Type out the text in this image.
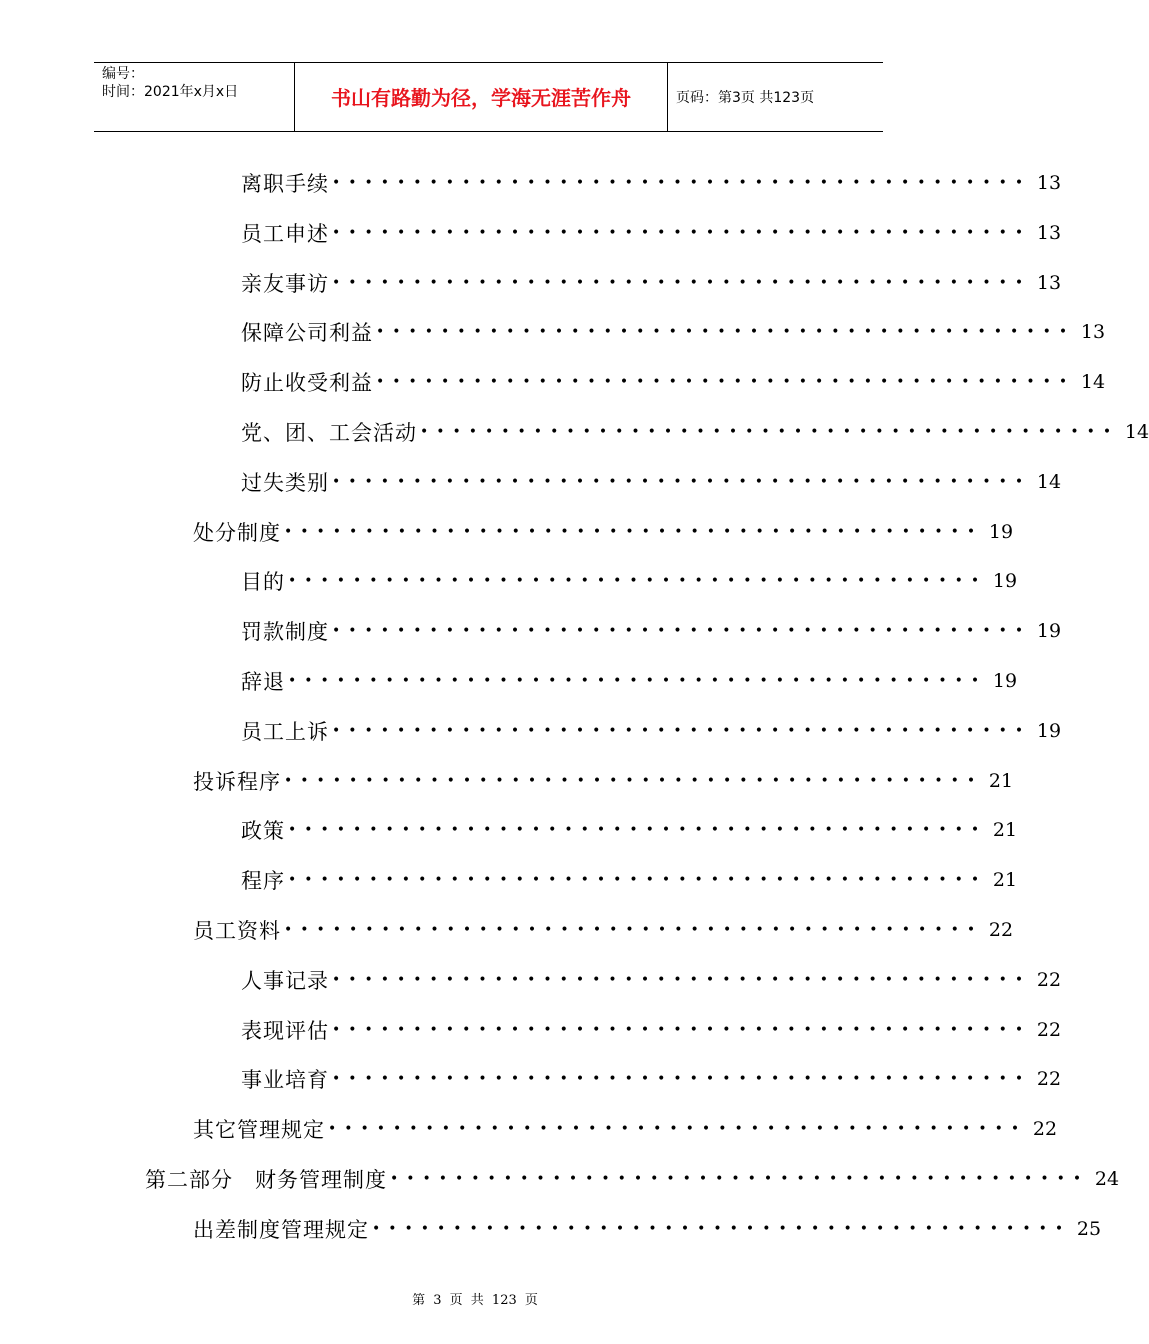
编号：
时间：2021年x月x日	书山有路勤为径，学海无涯苦作舟	页码：第3页 共123页
离职手续 ••••••••••••••••••••••••••••••••••••••••••• 13
员工申述 ••••••••••••••••••••••••••••••••••••••••••• 13
亲友事访 ••••••••••••••••••••••••••••••••••••••••••• 13
保障公司利益 ••••••••••••••••••••••••••••••••••••••••••• 13
防止收受利益 ••••••••••••••••••••••••••••••••••••••••••• 14
党、团、工会活动 ••••••••••••••••••••••••••••••••••••••••••• 14
过失类别 ••••••••••••••••••••••••••••••••••••••••••• 14
处分制度 ••••••••••••••••••••••••••••••••••••••••••• 19
目的 ••••••••••••••••••••••••••••••••••••••••••• 19
罚款制度 ••••••••••••••••••••••••••••••••••••••••••• 19
辞退 ••••••••••••••••••••••••••••••••••••••••••• 19
员工上诉 ••••••••••••••••••••••••••••••••••••••••••• 19
投诉程序 ••••••••••••••••••••••••••••••••••••••••••• 21
政策 ••••••••••••••••••••••••••••••••••••••••••• 21
程序 ••••••••••••••••••••••••••••••••••••••••••• 21
员工资料 ••••••••••••••••••••••••••••••••••••••••••• 22
人事记录 ••••••••••••••••••••••••••••••••••••••••••• 22
表现评估 ••••••••••••••••••••••••••••••••••••••••••• 22
事业培育 ••••••••••••••••••••••••••••••••••••••••••• 22
其它管理规定 ••••••••••••••••••••••••••••••••••••••••••• 22
第二部分　财务管理制度 ••••••••••••••••••••••••••••••••••••••••••• 24
出差制度管理规定 ••••••••••••••••••••••••••••••••••••••••••• 25
第 3 页 共 123 页
